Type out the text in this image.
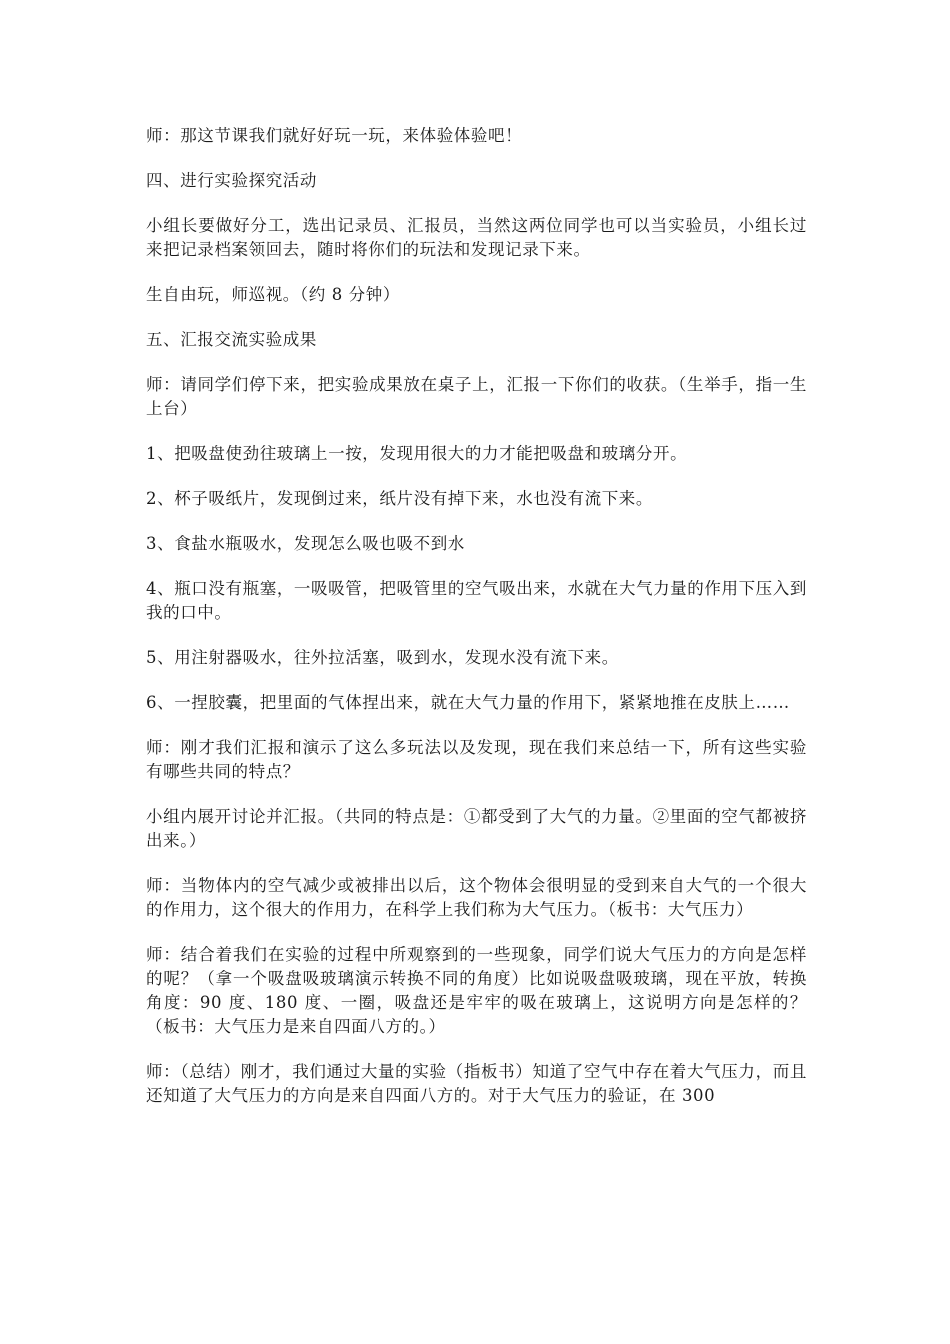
师：那这节课我们就好好玩一玩，来体验体验吧！

四、进行实验探究活动

小组长要做好分工，选出记录员、汇报员，当然这两位同学也可以当实验员，小组长过来把记录档案领回去，随时将你们的玩法和发现记录下来。

生自由玩，师巡视。（约 8 分钟）

五、汇报交流实验成果

师：请同学们停下来，把实验成果放在桌子上，汇报一下你们的收获。（生举手，指一生上台）

1、把吸盘使劲往玻璃上一按，发现用很大的力才能把吸盘和玻璃分开。

2、杯子吸纸片，发现倒过来，纸片没有掉下来，水也没有流下来。

3、食盐水瓶吸水，发现怎么吸也吸不到水

4、瓶口没有瓶塞，一吸吸管，把吸管里的空气吸出来，水就在大气力量的作用下压入到我的口中。

5、用注射器吸水，往外拉活塞，吸到水，发现水没有流下来。

6、一捏胶囊，把里面的气体捏出来，就在大气力量的作用下，紧紧地推在皮肤上……

师：刚才我们汇报和演示了这么多玩法以及发现，现在我们来总结一下，所有这些实验有哪些共同的特点？

小组内展开讨论并汇报。（共同的特点是：①都受到了大气的力量。②里面的空气都被挤出来。）

师：当物体内的空气减少或被排出以后，这个物体会很明显的受到来自大气的一个很大的作用力，这个很大的作用力，在科学上我们称为大气压力。（板书：大气压力）

师：结合着我们在实验的过程中所观察到的一些现象，同学们说大气压力的方向是怎样的呢？（拿一个吸盘吸玻璃演示转换不同的角度）比如说吸盘吸玻璃，现在平放，转换角度：90 度、180 度、一圈，吸盘还是牢牢的吸在玻璃上，这说明方向是怎样的？（板书：大气压力是来自四面八方的。）

师：（总结）刚才，我们通过大量的实验（指板书）知道了空气中存在着大气压力，而且还知道了大气压力的方向是来自四面八方的。对于大气压力的验证，在 300
